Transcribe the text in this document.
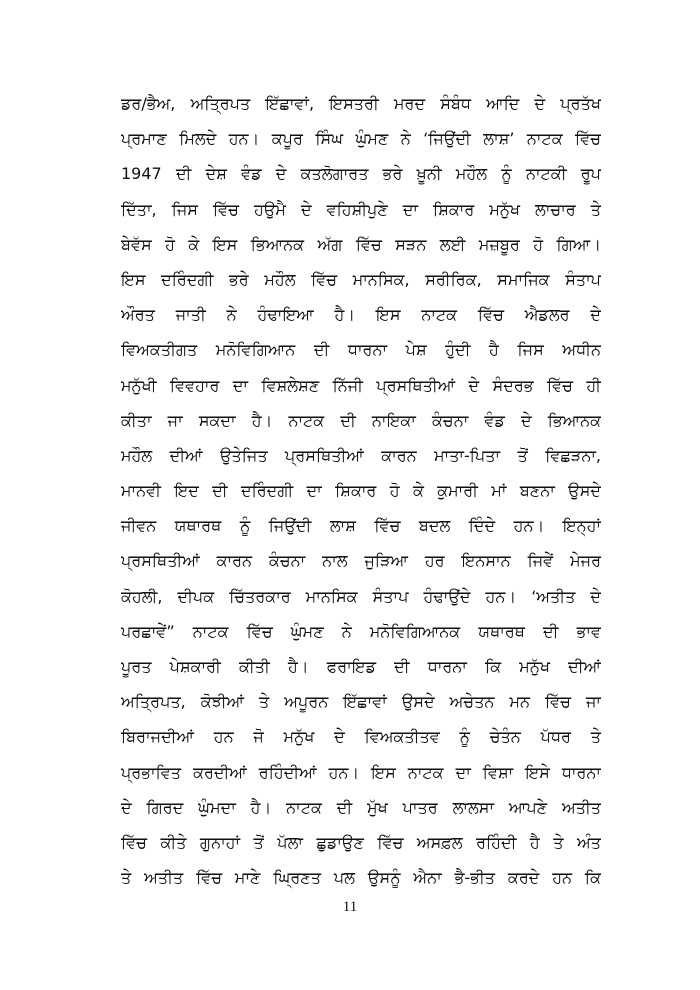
ਡਰ/ਭੈਅ, ਅਤ੍ਰਿਪਤ ਇੱਛਾਵਾਂ, ਇਸਤਰੀ ਮਰਦ ਸੰਬੰਧ ਆਦਿ ਦੇ ਪ੍ਰਤੱਖ
ਪ੍ਰਮਾਣ ਮਿਲਦੇ ਹਨ। ਕਪੂਰ ਸਿੰਘ ਘੁੰਮਣ ਨੇ ‘ਜਿਉਂਦੀ ਲਾਸ਼’ ਨਾਟਕ ਵਿੱਚ
1947 ਦੀ ਦੇਸ਼ ਵੰਡ ਦੇ ਕਤਲੋਗਾਰਤ ਭਰੇ ਖ਼ੂਨੀ ਮਹੌਲ ਨੂੰ ਨਾਟਕੀ ਰੂਪ
ਦਿੱਤਾ, ਜਿਸ ਵਿੱਚ ਹਉਮੈ ਦੇ ਵਹਿਸ਼ੀਪੁਣੇ ਦਾ ਸ਼ਿਕਾਰ ਮਨੁੱਖ ਲਾਚਾਰ ਤੇ
ਬੇਵੱਸ ਹੋ ਕੇ ਇਸ ਭਿਆਨਕ ਅੱਗ ਵਿੱਚ ਸੜਨ ਲਈ ਮਜ਼ਬੂਰ ਹੋ ਗਿਆ।
ਇਸ ਦਰਿੰਦਗੀ ਭਰੇ ਮਹੌਲ ਵਿੱਚ ਮਾਨਸਿਕ, ਸਰੀਰਿਕ, ਸਮਾਜਿਕ ਸੰਤਾਪ
ਔਰਤ ਜਾਤੀ ਨੇ ਹੰਢਾਇਆ ਹੈ। ਇਸ ਨਾਟਕ ਵਿੱਚ ਐਡਲਰ ਦੇ
ਵਿਅਕਤੀਗਤ ਮਨੋਵਿਗਿਆਨ ਦੀ ਧਾਰਨਾ ਪੇਸ਼ ਹੁੰਦੀ ਹੈ ਜਿਸ ਅਧੀਨ
ਮਨੁੱਖੀ ਵਿਵਹਾਰ ਦਾ ਵਿਸ਼ਲੇਸ਼ਣ ਨਿੱਜੀ ਪ੍ਰਸਥਿਤੀਆਂ ਦੇ ਸੰਦਰਭ ਵਿੱਚ ਹੀ
ਕੀਤਾ ਜਾ ਸਕਦਾ ਹੈ। ਨਾਟਕ ਦੀ ਨਾਇਕਾ ਕੰਚਨਾ ਵੰਡ ਦੇ ਭਿਆਨਕ
ਮਹੌਲ ਦੀਆਂ ਉਤੇਜਿਤ ਪ੍ਰਸਥਿਤੀਆਂ ਕਾਰਨ ਮਾਤਾ-ਪਿਤਾ ਤੋਂ ਵਿਛੜਨਾ,
ਮਾਨਵੀ ਇਦ ਦੀ ਦਰਿੰਦਗੀ ਦਾ ਸ਼ਿਕਾਰ ਹੋ ਕੇ ਕੁਮਾਰੀ ਮਾਂ ਬਣਨਾ ਉਸਦੇ
ਜੀਵਨ ਯਥਾਰਥ ਨੂੰ ਜਿਉਂਦੀ ਲਾਸ਼ ਵਿੱਚ ਬਦਲ ਦਿੰਦੇ ਹਨ। ਇਨ੍ਹਾਂ
ਪ੍ਰਸਥਿਤੀਆਂ ਕਾਰਨ ਕੰਚਨਾ ਨਾਲ ਜੁੜਿਆ ਹਰ ਇਨਸਾਨ ਜਿਵੇਂ ਮੇਜਰ
ਕੋਹਲੀ, ਦੀਪਕ ਚਿੱਤਰਕਾਰ ਮਾਨਸਿਕ ਸੰਤਾਪ ਹੰਢਾਉਂਦੇ ਹਨ। ‘ਅਤੀਤ ਦੇ
ਪਰਛਾਵੇਂ” ਨਾਟਕ ਵਿੱਚ ਘੁੰਮਣ ਨੇ ਮਨੋਵਿਗਿਆਨਕ ਯਥਾਰਥ ਦੀ ਭਾਵ
ਪੂਰਤ ਪੇਸ਼ਕਾਰੀ ਕੀਤੀ ਹੈ। ਫਰਾਇਡ ਦੀ ਧਾਰਨਾ ਕਿ ਮਨੁੱਖ ਦੀਆਂ
ਅਤ੍ਰਿਪਤ, ਕੋਝੀਆਂ ਤੇ ਅਪੂਰਨ ਇੱਛਾਵਾਂ ਉਸਦੇ ਅਚੇਤਨ ਮਨ ਵਿੱਚ ਜਾ
ਬਿਰਾਜਦੀਆਂ ਹਨ ਜੋ ਮਨੁੱਖ ਦੇ ਵਿਅਕਤੀਤਵ ਨੂੰ ਚੇਤੰਨ ਪੱਧਰ ਤੇ
ਪ੍ਰਭਾਵਿਤ ਕਰਦੀਆਂ ਰਹਿੰਦੀਆਂ ਹਨ। ਇਸ ਨਾਟਕ ਦਾ ਵਿਸ਼ਾ ਇਸੇ ਧਾਰਨਾ
ਦੇ ਗਿਰਦ ਘੁੰਮਦਾ ਹੈ। ਨਾਟਕ ਦੀ ਮੁੱਖ ਪਾਤਰ ਲਾਲਸਾ ਆਪਣੇ ਅਤੀਤ
ਵਿੱਚ ਕੀਤੇ ਗੁਨਾਹਾਂ ਤੋਂ ਪੱਲਾ ਛੁਡਾਉਣ ਵਿੱਚ ਅਸਫ਼ਲ ਰਹਿੰਦੀ ਹੈ ਤੇ ਅੰਤ
ਤੇ ਅਤੀਤ ਵਿੱਚ ਮਾਣੇ ਘ੍ਰਿਣਤ ਪਲ ਉਸਨੂੰ ਐਨਾ ਭੈ-ਭੀਤ ਕਰਦੇ ਹਨ ਕਿ
11
